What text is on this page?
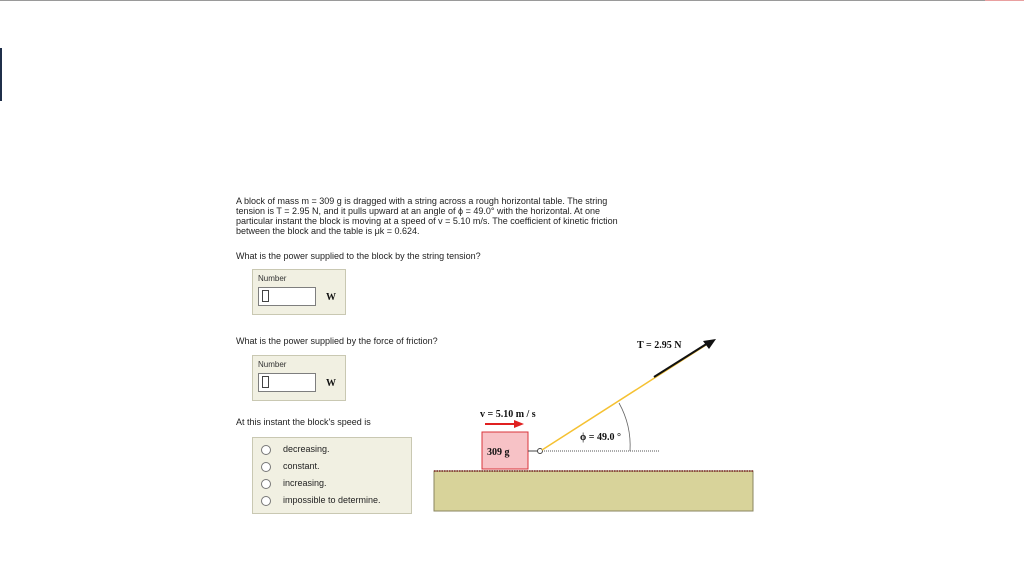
A block of mass m = 309 g is dragged with a string across a rough horizontal table. The string
tension is T = 2.95 N, and it pulls upward at an angle of ϕ = 49.0° with the horizontal. At one
particular instant the block is moving at a speed of v = 5.10 m/s. The coefficient of kinetic friction
between the block and the table is μk = 0.624.
What is the power supplied to the block by the string tension?
Number
W
What is the power supplied by the force of friction?
Number
W
At this instant the block's speed is
decreasing.
constant.
increasing.
impossible to determine.
T = 2.95 N
v = 5.10 m / s
ϕ = 49.0 °
309 g
